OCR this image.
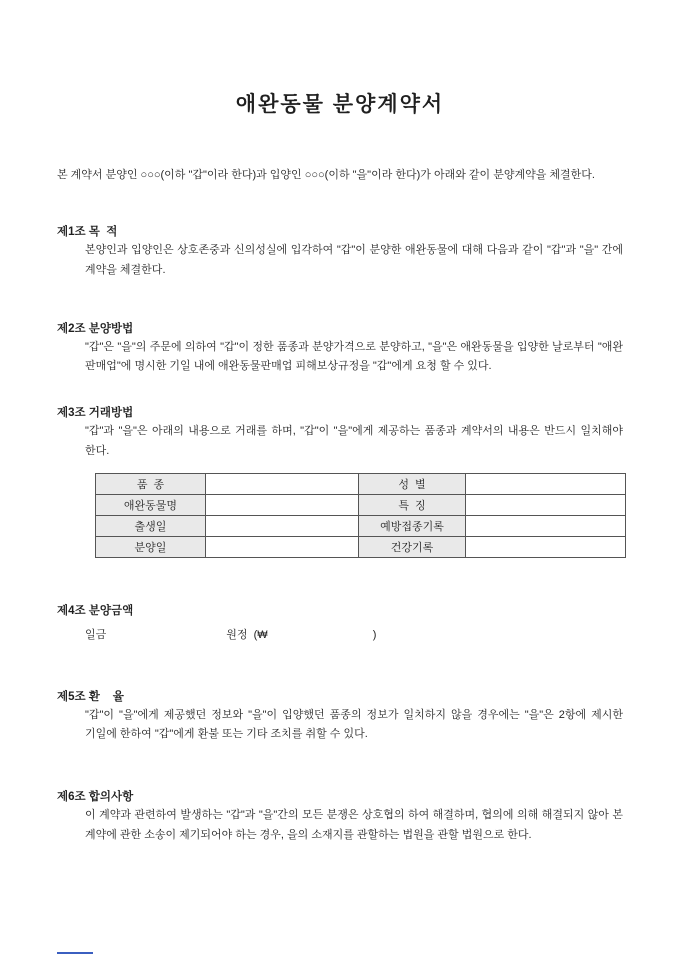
애완동물 분양계약서

본 계약서 분양인 ○○○(이하 "갑"이라 한다)과 입양인 ○○○(이하 "을"이라 한다)가 아래와 같이 분양계약을 체결한다.

제1조 목  적
본양인과 입양인은 상호존중과 신의성실에 입각하여 "갑"이 분양한 애완동물에 대해 다음과 같이 "갑"과 "을" 간에 계약을 체결한다.
제2조 분양방법
"갑"은 "을"의 주문에 의하여 "갑"이 정한 품종과 분양가격으로 분양하고, "을"은 애완동물을 입양한 날로부터 "애완 판매업"에 명시한 기일 내에 애완동물판매업 피해보상규정을 "갑"에게 요청 할 수 있다.
제3조 거래방법
"갑"과 "을"은 아래의 내용으로 거래를 하며, "갑"이 "을"에게 제공하는 품종과 계약서의 내용은 반드시 일치해야 한다.
품  종		성  별	
애완동물명		특  징	
출생일		예방접종기록	
분양일		건강기록	
제4조 분양금액
일금	원정  (₩	)
제5조 환    율
"갑"이 "을"에게 제공했던 정보와 "을"이 입양했던 품종의 정보가 일치하지 않을 경우에는 "을"은 2항에 제시한 기일에 한하여 "갑"에게 환불 또는 기타 조치를 취할 수 있다.
제6조 합의사항
이 계약과 관련하여 발생하는 "갑"과 "을"간의 모든 분쟁은 상호협의 하여 해결하며, 협의에 의해 해결되지 않아 본 계약에 관한 소송이 제기되어야 하는 경우, 을의 소재지를 관할하는 법원을 관할 법원으로 한다.
